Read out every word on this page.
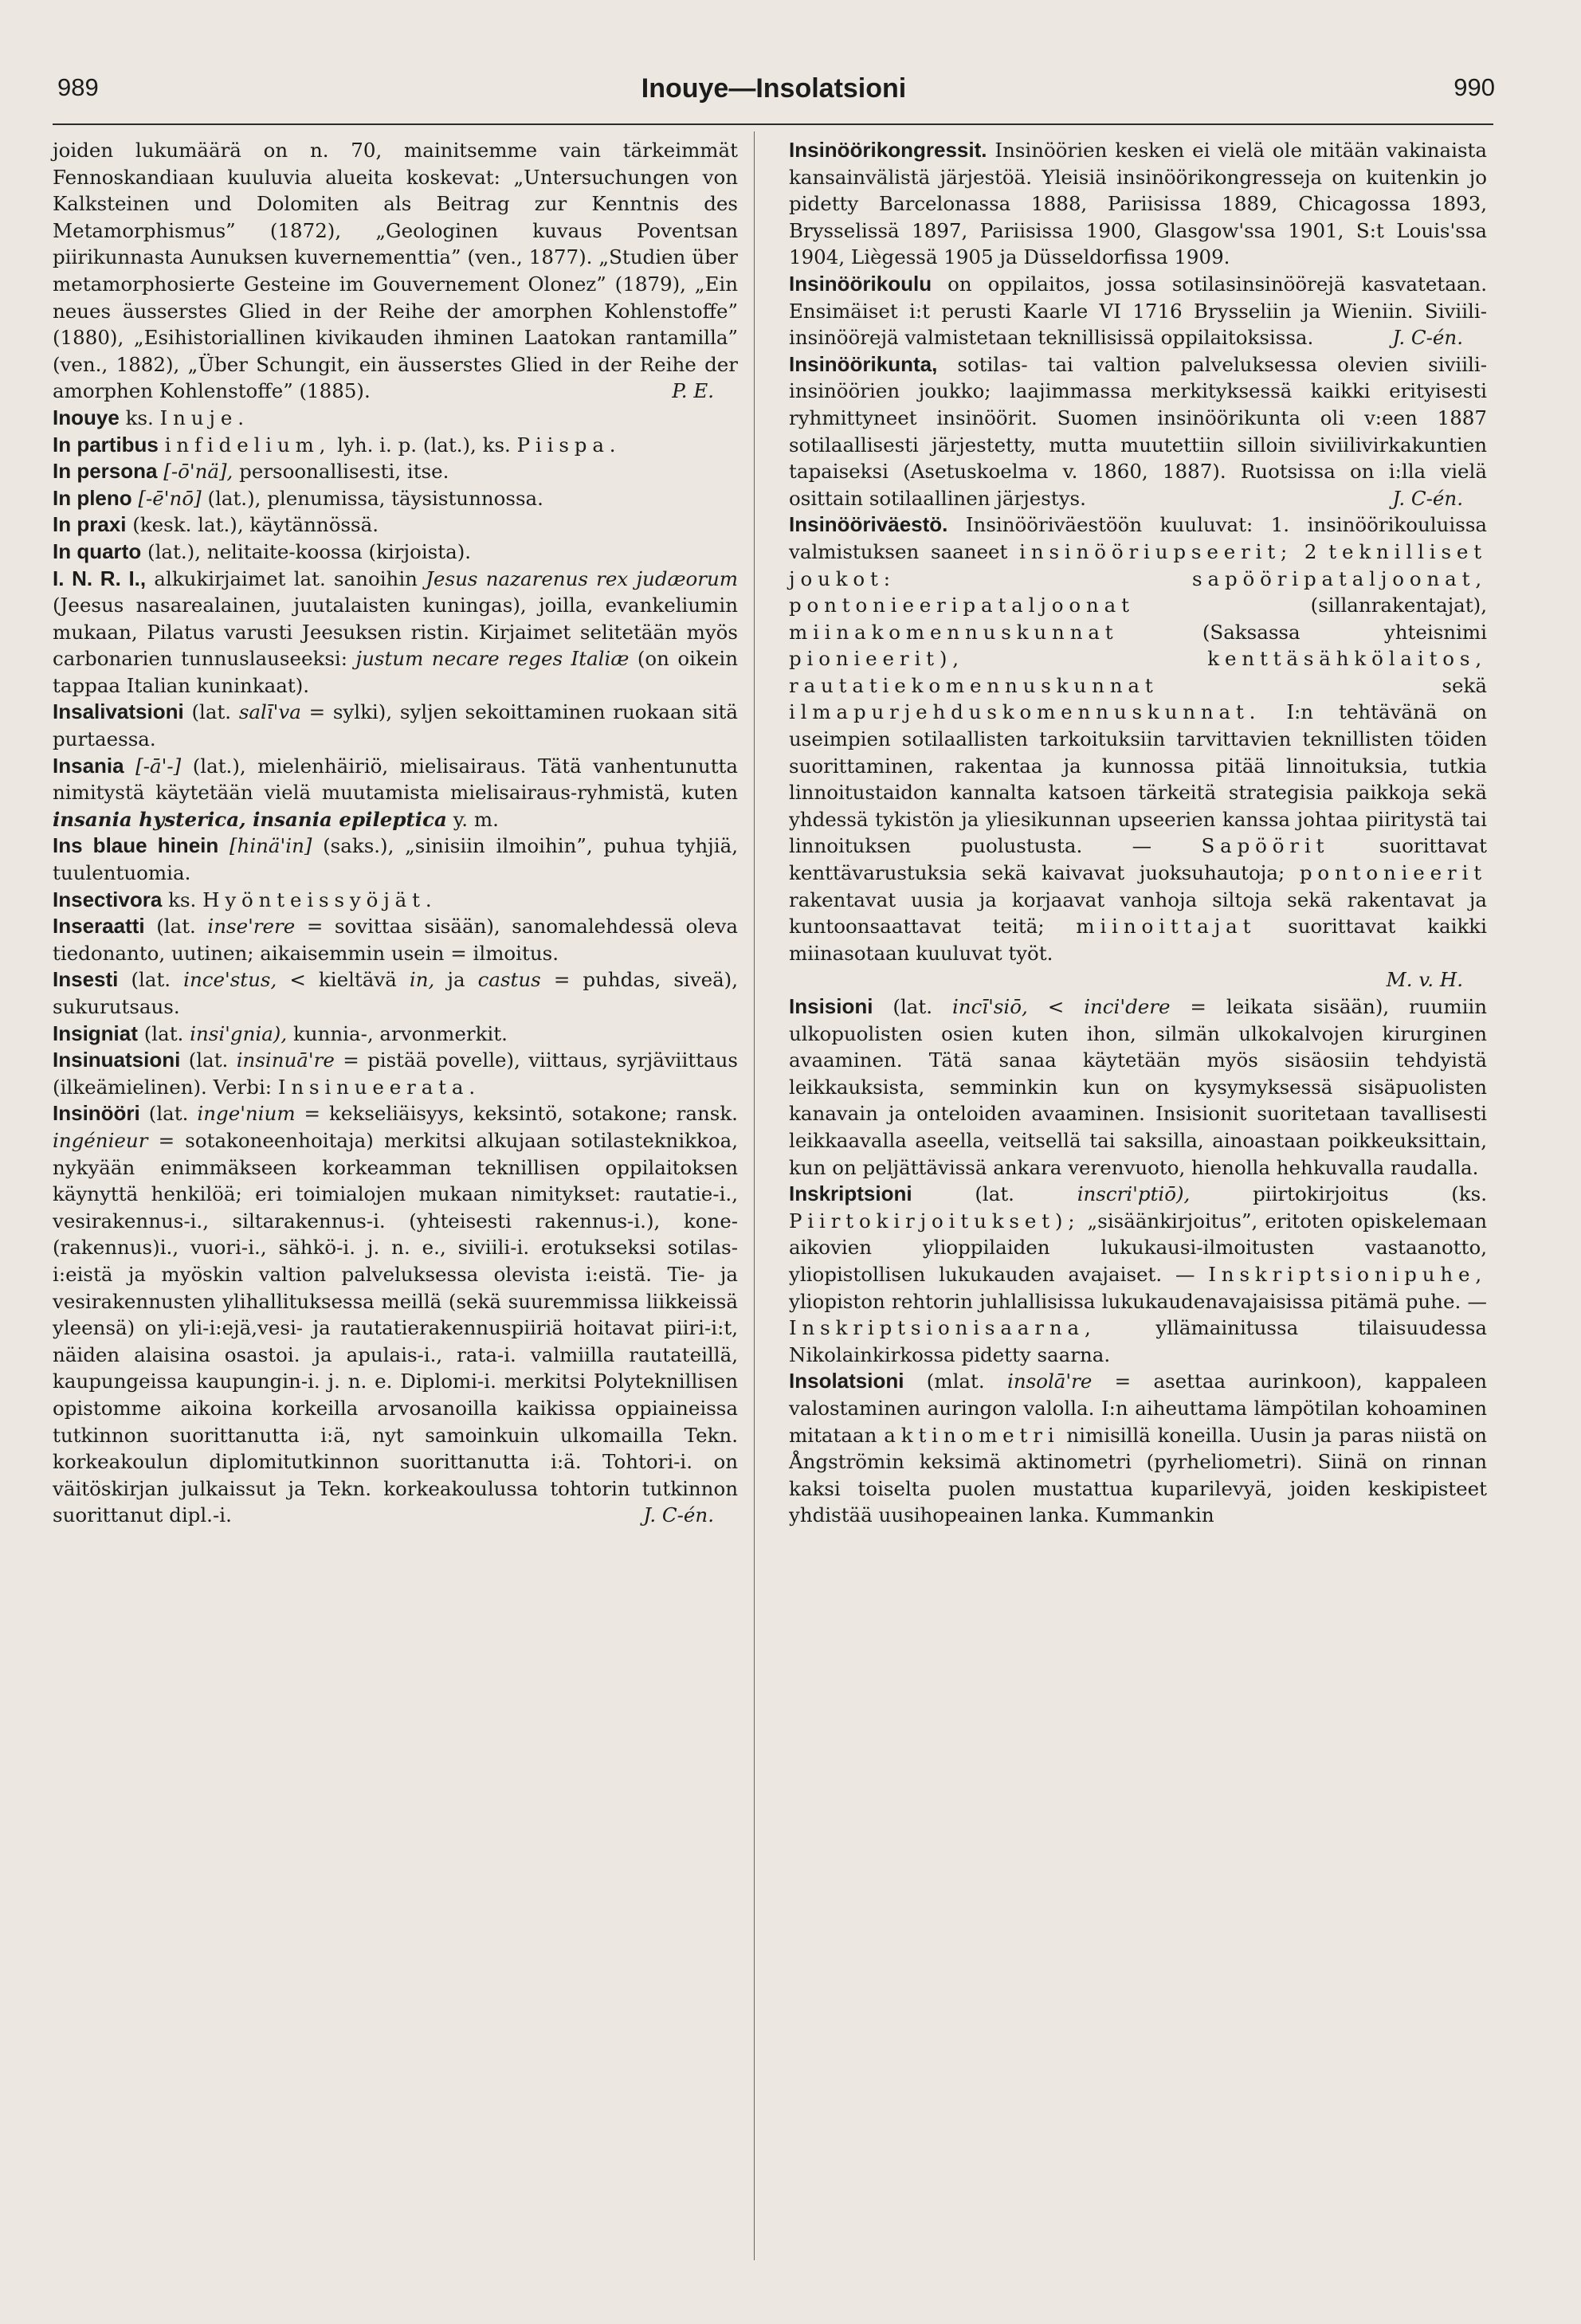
989	Inouye—Insolatsioni	990

joiden lukumäärä on n. 70, mainitsemme vain tärkeimmät Fennoskandiaan kuuluvia alueita koskevat: „Untersuchungen von Kalksteinen und Dolomiten als Beitrag zur Kenntnis des Metamorphismus” (1872), „Geologinen kuvaus Poventsan piirikunnasta Aunuksen kuvernementtia” (ven., 1877). „Studien über metamorphosierte Gesteine im Gouvernement Olonez” (1879), „Ein neues äusserstes Glied in der Reihe der amorphen Kohlenstoffe” (1880), „Esihistoriallinen kivikauden ihminen Laatokan rantamilla” (ven., 1882), „Über Schungit, ein äusserstes Glied in der Reihe der amorphen Kohlenstoffe” (1885).	P. E.

Inouye ks. Inuje.

In partibus infidelium, lyh. i. p. (lat.), ks. Piispa.

In persona [-ō'nä], persoonallisesti, itse.

In pleno [-ē'nō] (lat.), plenumissa, täysistunnossa.

In praxi (kesk. lat.), käytännössä.

In quarto (lat.), nelitaite-koossa (kirjoista).

I. N. R. I., alkukirjaimet lat. sanoihin Jesus nazarenus rex judæorum (Jeesus nasarealainen, juutalaisten kuningas), joilla, evankeliumin mukaan, Pilatus varusti Jeesuksen ristin. Kirjaimet selitetään myös carbonarien tunnuslauseeksi: justum necare reges Italiæ (on oikein tappaa Italian kuninkaat).

Insalivatsioni (lat. salī'va = sylki), syljen sekoittaminen ruokaan sitä purtaessa.

Insania [-ā'-] (lat.), mielenhäiriö, mielisairaus. Tätä vanhentunutta nimitystä käytetään vielä muutamista mielisairaus-ryhmistä, kuten insania hysterica, insania epileptica y. m.

Ins blaue hinein [hinä'in] (saks.), „sinisiin ilmoihin”, puhua tyhjiä, tuulentuomia.

Insectivora ks. Hyönteissyöjät.

Inseraatti (lat. inse'rere = sovittaa sisään), sanomalehdessä oleva tiedonanto, uutinen; aikaisemmin usein = ilmoitus.

Insesti (lat. ince'stus, < kieltävä in, ja castus = puhdas, siveä), sukurutsaus.

Insigniat (lat. insi'gnia), kunnia-, arvonmerkit.

Insinuatsioni (lat. insinuā're = pistää povelle), viittaus, syrjäviittaus (ilkeämielinen). Verbi: Insinueerata.

Insinööri (lat. inge'nium = kekseliäisyys, keksintö, sotakone; ransk. ingénieur = sotakoneenhoitaja) merkitsi alkujaan sotilasteknikkoa, nykyään enimmäkseen korkeamman teknillisen oppilaitoksen käynyttä henkilöä; eri toimialojen mukaan nimitykset: rautatie-i., vesirakennus-i., siltarakennus-i. (yhteisesti rakennus-i.), kone-(rakennus)i., vuori-i., sähkö-i. j. n. e., siviili-i. erotukseksi sotilas-i:eistä ja myöskin valtion palveluksessa olevista i:eistä. Tie- ja vesirakennusten ylihallituksessa meillä (sekä suuremmissa liikkeissä yleensä) on yli-i:ejä,vesi- ja rautatierakennuspiiriä hoitavat piiri-i:t, näiden alaisina osastoi. ja apulais-i., rata-i. valmiilla rautateillä, kaupungeissa kaupungin-i. j. n. e. Diplomi-i. merkitsi Polyteknillisen opistomme aikoina korkeilla arvosanoilla kaikissa oppiaineissa tutkinnon suorittanutta i:ä, nyt samoinkuin ulkomailla Tekn. korkeakoulun diplomitutkinnon suorittanutta i:ä. Tohtori-i. on väitöskirjan julkaissut ja Tekn. korkeakoulussa tohtorin tutkinnon suorittanut dipl.-i.	J. C-én.

Insinöörikongressit. Insinöörien kesken ei vielä ole mitään vakinaista kansainvälistä järjestöä. Yleisiä insinöörikongresseja on kuitenkin jo pidetty Barcelonassa 1888, Pariisissa 1889, Chicagossa 1893, Brysselissä 1897, Pariisissa 1900, Glasgow'ssa 1901, S:t Louis'ssa 1904, Liègessä 1905 ja Düsseldorfissa 1909.

Insinöörikoulu on oppilaitos, jossa sotilasinsinöörejä kasvatetaan. Ensimäiset i:t perusti Kaarle VI 1716 Brysseliin ja Wieniin. Siviili-insinöörejä valmistetaan teknillisissä oppilaitoksissa.	J. C-én.

Insinöörikunta, sotilas- tai valtion palveluksessa olevien siviili-insinöörien joukko; laajimmassa merkityksessä kaikki erityisesti ryhmittyneet insinöörit. Suomen insinöörikunta oli v:een 1887 sotilaallisesti järjestetty, mutta muutettiin silloin siviilivirkakuntien tapaiseksi (Asetuskoelma v. 1860, 1887). Ruotsissa on i:lla vielä osittain sotilaallinen järjestys.	J. C-én.

Insinööriväestö. Insinööriväestöön kuuluvat: 1. insinöörikouluissa valmistuksen saaneet insinööriupseerit; 2 teknilliset joukot:	sapööripataljoonat, pontonieeripataljoonat	(sillanrakentajat), miinakomennuskunnat	(Saksassa yhteisnimi pionieerit),	kenttäsähkölaitos, rautatiekomennuskunnat	sekä ilmapurjehduskomennuskunnat. I:n tehtävänä on useimpien sotilaallisten tarkoituksiin tarvittavien teknillisten töiden suorittaminen, rakentaa ja kunnossa pitää linnoituksia, tutkia linnoitustaidon kannalta katsoen tärkeitä strategisia paikkoja sekä yhdessä tykistön ja yliesikunnan upseerien kanssa johtaa piiritystä tai linnoituksen puolustusta. —	Sapöörit	suorittavat kenttävarustuksia sekä kaivavat juoksuhautoja; pontonieerit rakentavat uusia ja korjaavat vanhoja siltoja sekä rakentavat ja kuntoonsaattavat teitä; miinoittajat suorittavat kaikki miinasotaan kuuluvat työt.
M. v. H.

Insisioni (lat. incī'siō, < inci'dere = leikata sisään), ruumiin ulkopuolisten osien kuten ihon, silmän ulkokalvojen kirurginen avaaminen. Tätä sanaa käytetään myös sisäosiin tehdyistä leikkauksista, semminkin kun on kysymyksessä sisäpuolisten kanavain ja onteloiden avaaminen. Insisionit suoritetaan tavallisesti leikkaavalla aseella, veitsellä tai saksilla, ainoastaan poikkeuksittain, kun on peljättävissä ankara verenvuoto, hienolla hehkuvalla raudalla.

Inskriptsioni	(lat.	inscri'ptiō),	piirtokirjoitus (ks. Piirtokirjoitukset); „sisäänkirjoitus”, eritoten opiskelemaan aikovien ylioppilaiden lukukausi-ilmoitusten vastaanotto, yliopistollisen lukukauden avajaiset. — Inskriptsionipuhe, yliopiston rehtorin juhlallisissa lukukaudenavajaisissa pitämä puhe. — Inskriptsionisaarna,	yllämainitussa tilaisuudessa Nikolainkirkossa pidetty saarna.

Insolatsioni (mlat. insolā're = asettaa aurinkoon), kappaleen valostaminen auringon valolla. I:n aiheuttama lämpötilan kohoaminen mitataan aktinometri nimisillä koneilla. Uusin ja paras niistä on Ångströmin keksimä aktinometri (pyrheliometri). Siinä on rinnan kaksi toiselta puolen mustattua kuparilevyä, joiden keskipisteet yhdistää uusihopeainen lanka. Kummankin
